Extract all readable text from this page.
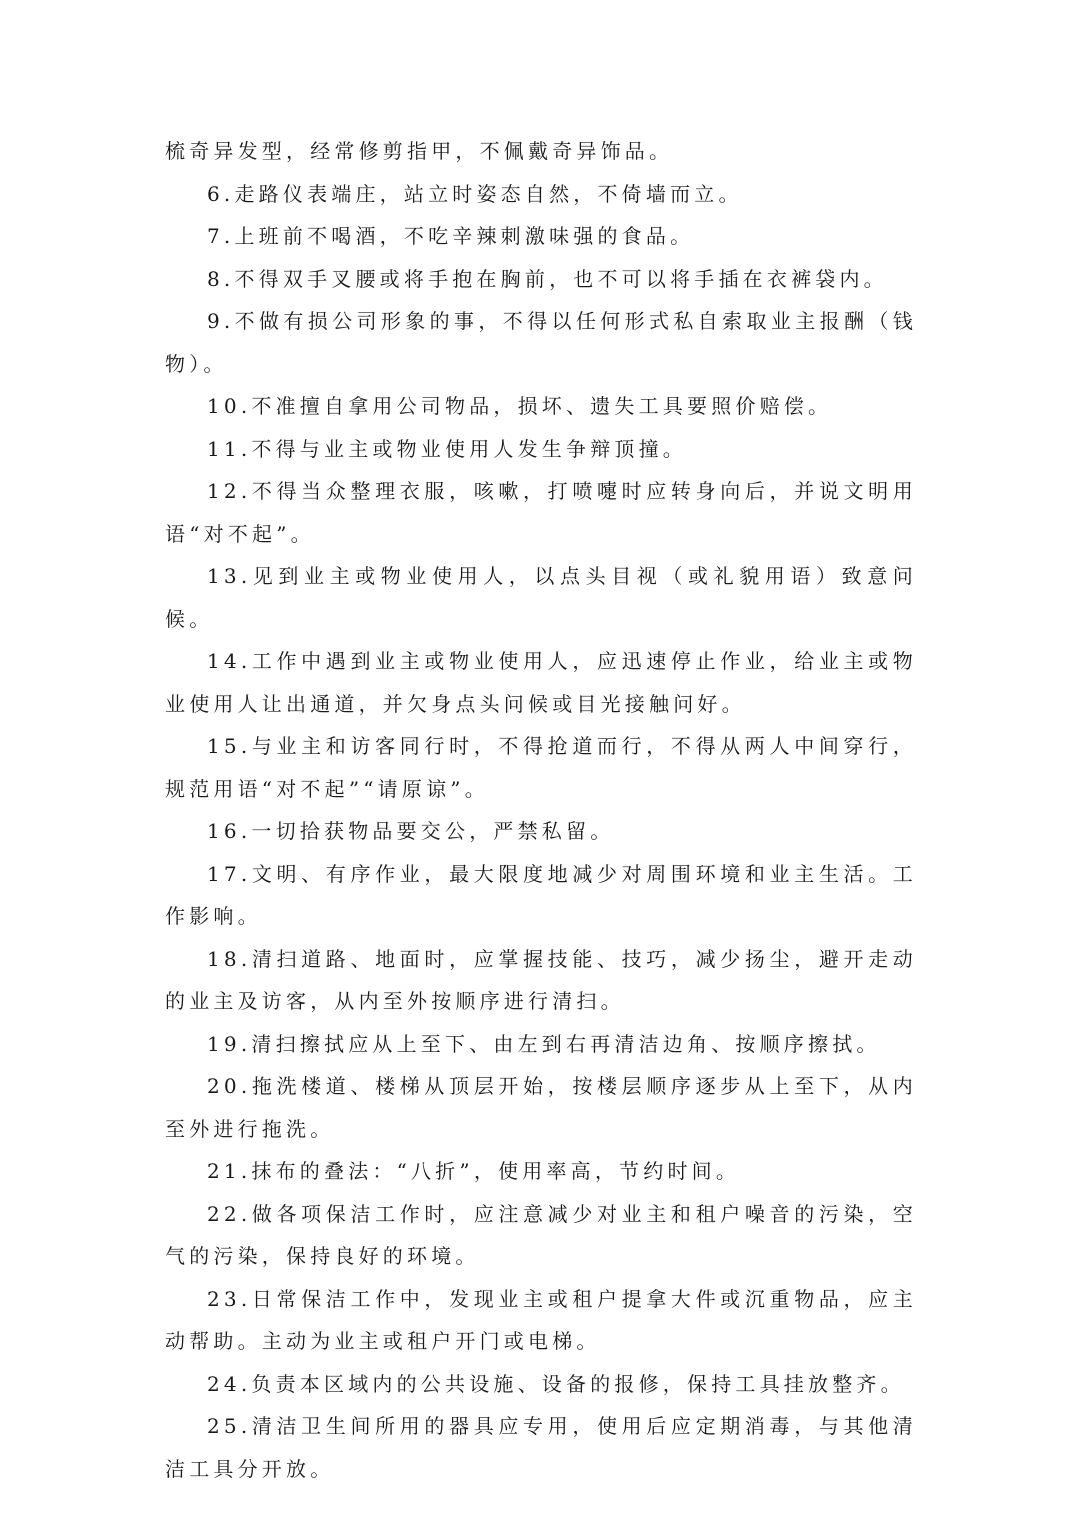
梳奇异发型，经常修剪指甲，不佩戴奇异饰品。

6.走路仪表端庄，站立时姿态自然，不倚墙而立。

7.上班前不喝酒，不吃辛辣刺激味强的食品。

8.不得双手叉腰或将手抱在胸前，也不可以将手插在衣裤袋内。

9.不做有损公司形象的事，不得以任何形式私自索取业主报酬（钱物）。

10.不准擅自拿用公司物品，损坏、遗失工具要照价赔偿。

11.不得与业主或物业使用人发生争辩顶撞。

12.不得当众整理衣服，咳嗽，打喷嚏时应转身向后，并说文明用语“对不起”。

13.见到业主或物业使用人，以点头目视（或礼貌用语）致意问候。

14.工作中遇到业主或物业使用人，应迅速停止作业，给业主或物业使用人让出通道，并欠身点头问候或目光接触问好。

15.与业主和访客同行时，不得抢道而行，不得从两人中间穿行，规范用语“对不起”“请原谅”。

16.一切拾获物品要交公，严禁私留。

17.文明、有序作业，最大限度地减少对周围环境和业主生活。工作影响。

18.清扫道路、地面时，应掌握技能、技巧，减少扬尘，避开走动的业主及访客，从内至外按顺序进行清扫。

19.清扫擦拭应从上至下、由左到右再清洁边角、按顺序擦拭。

20.拖洗楼道、楼梯从顶层开始，按楼层顺序逐步从上至下，从内至外进行拖洗。

21.抹布的叠法：“八折”，使用率高，节约时间。

22.做各项保洁工作时，应注意减少对业主和租户噪音的污染，空气的污染，保持良好的环境。

23.日常保洁工作中，发现业主或租户提拿大件或沉重物品，应主动帮助。主动为业主或租户开门或电梯。

24.负责本区域内的公共设施、设备的报修，保持工具挂放整齐。

25.清洁卫生间所用的器具应专用，使用后应定期消毒，与其他清洁工具分开放。
